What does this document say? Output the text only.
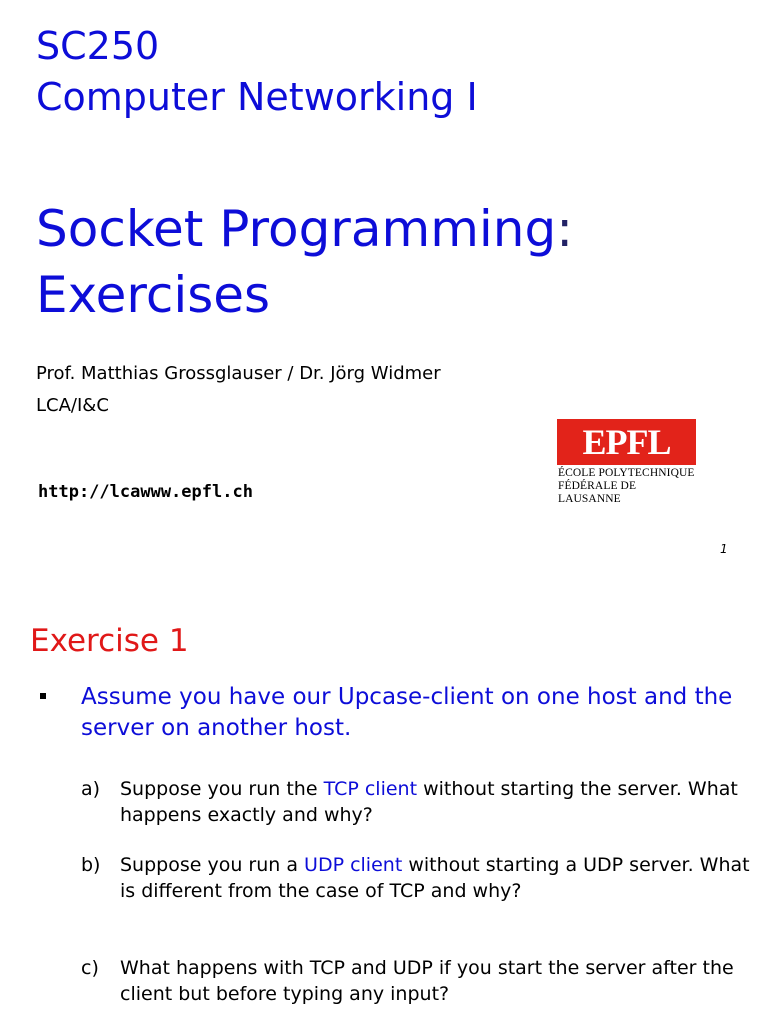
SC250
Computer Networking I
Socket Programming:
Exercises
Prof. Matthias Grossglauser / Dr. Jörg Widmer
LCA/I&C
http://lcawww.epfl.ch
EPFL
ÉCOLE POLYTECHNIQUE
FÉDÉRALE DE LAUSANNE
1
Exercise 1
Assume you have our Upcase-client on one host and the server on another host.
a) Suppose you run the TCP client without starting the server. What happens exactly and why?
b) Suppose you run a UDP client without starting a UDP server. What is different from the case of TCP and why?
c) What happens with TCP and UDP if you start the server after the client but before typing any input?
